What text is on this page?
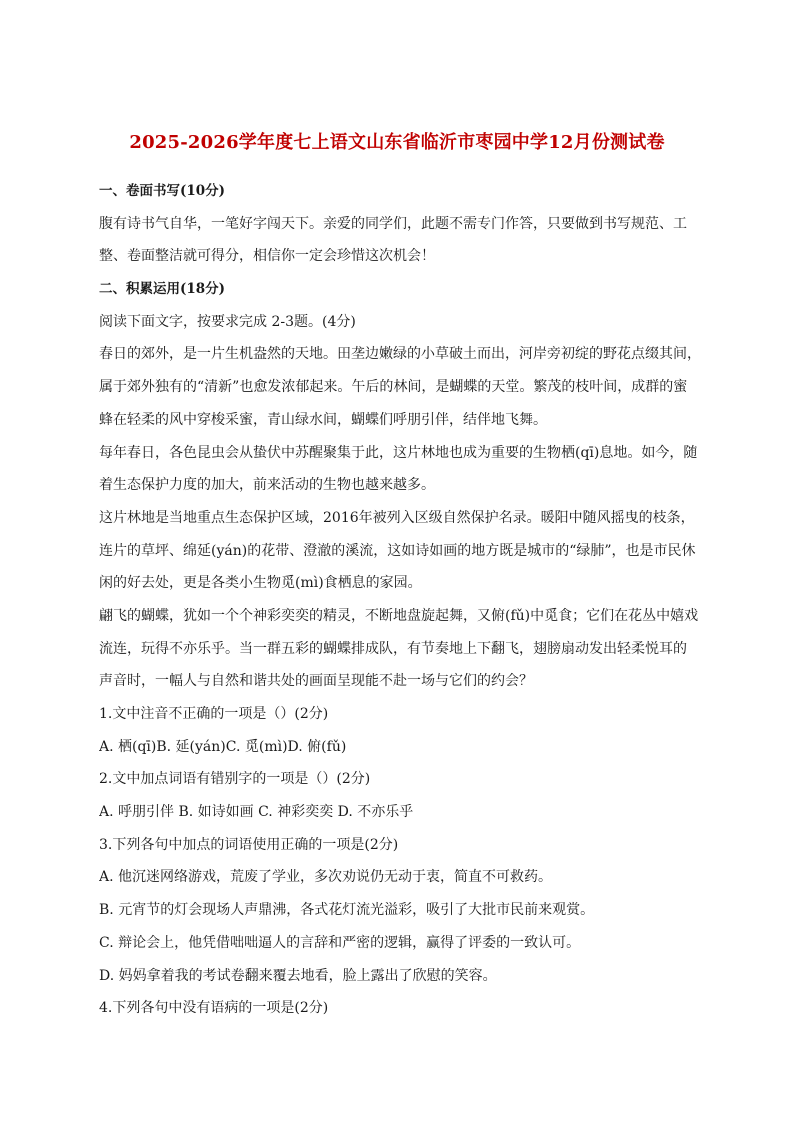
2025-2026学年度七上语文山东省临沂市枣园中学12月份测试卷
一、卷面书写(10分)
腹有诗书气自华，一笔好字闯天下。亲爱的同学们，此题不需专门作答，只要做到书写规范、工
整、卷面整洁就可得分，相信你一定会珍惜这次机会！
二、积累运用(18分)
阅读下面文字，按要求完成 2-3题。(4分)
春日的郊外，是一片生机盎然的天地。田垄边嫩绿的小草破土而出，河岸旁初绽的野花点缀其间，
属于郊外独有的“清新”也愈发浓郁起来。午后的林间，是蝴蝶的天堂。繁茂的枝叶间，成群的蜜
蜂在轻柔的风中穿梭采蜜，青山绿水间，蝴蝶们呼朋引伴，结伴地飞舞。
每年春日，各色昆虫会从蛰伏中苏醒聚集于此，这片林地也成为重要的生物栖(qī)息地。如今，随
着生态保护力度的加大，前来活动的生物也越来越多。
这片林地是当地重点生态保护区域，2016年被列入区级自然保护名录。暖阳中随风摇曳的枝条，
连片的草坪、绵延(yán)的花带、澄澈的溪流，这如诗如画的地方既是城市的“绿肺”，也是市民休
闲的好去处，更是各类小生物觅(mì)食栖息的家园。
翩飞的蝴蝶，犹如一个个神彩奕奕的精灵，不断地盘旋起舞，又俯(fǔ)中觅食；它们在花丛中嬉戏
流连，玩得不亦乐乎。当一群五彩的蝴蝶排成队，有节奏地上下翻飞，翅膀扇动发出轻柔悦耳的
声音时，一幅人与自然和谐共处的画面呈现能不赴一场与它们的约会？
1.文中注音不正确的一项是（）(2分)
A. 栖(qī)B. 延(yán)C. 觅(mì)D. 俯(fǔ)
2.文中加点词语有错别字的一项是（）(2分)
A. 呼朋引伴 B. 如诗如画 C. 神彩奕奕 D. 不亦乐乎
3.下列各句中加点的词语使用正确的一项是(2分)
A. 他沉迷网络游戏，荒废了学业，多次劝说仍无动于衷，简直不可救药。
B. 元宵节的灯会现场人声鼎沸，各式花灯流光溢彩，吸引了大批市民前来观赏。
C. 辩论会上，他凭借咄咄逼人的言辞和严密的逻辑，赢得了评委的一致认可。
D. 妈妈拿着我的考试卷翻来覆去地看，脸上露出了欣慰的笑容。
4.下列各句中没有语病的一项是(2分)
